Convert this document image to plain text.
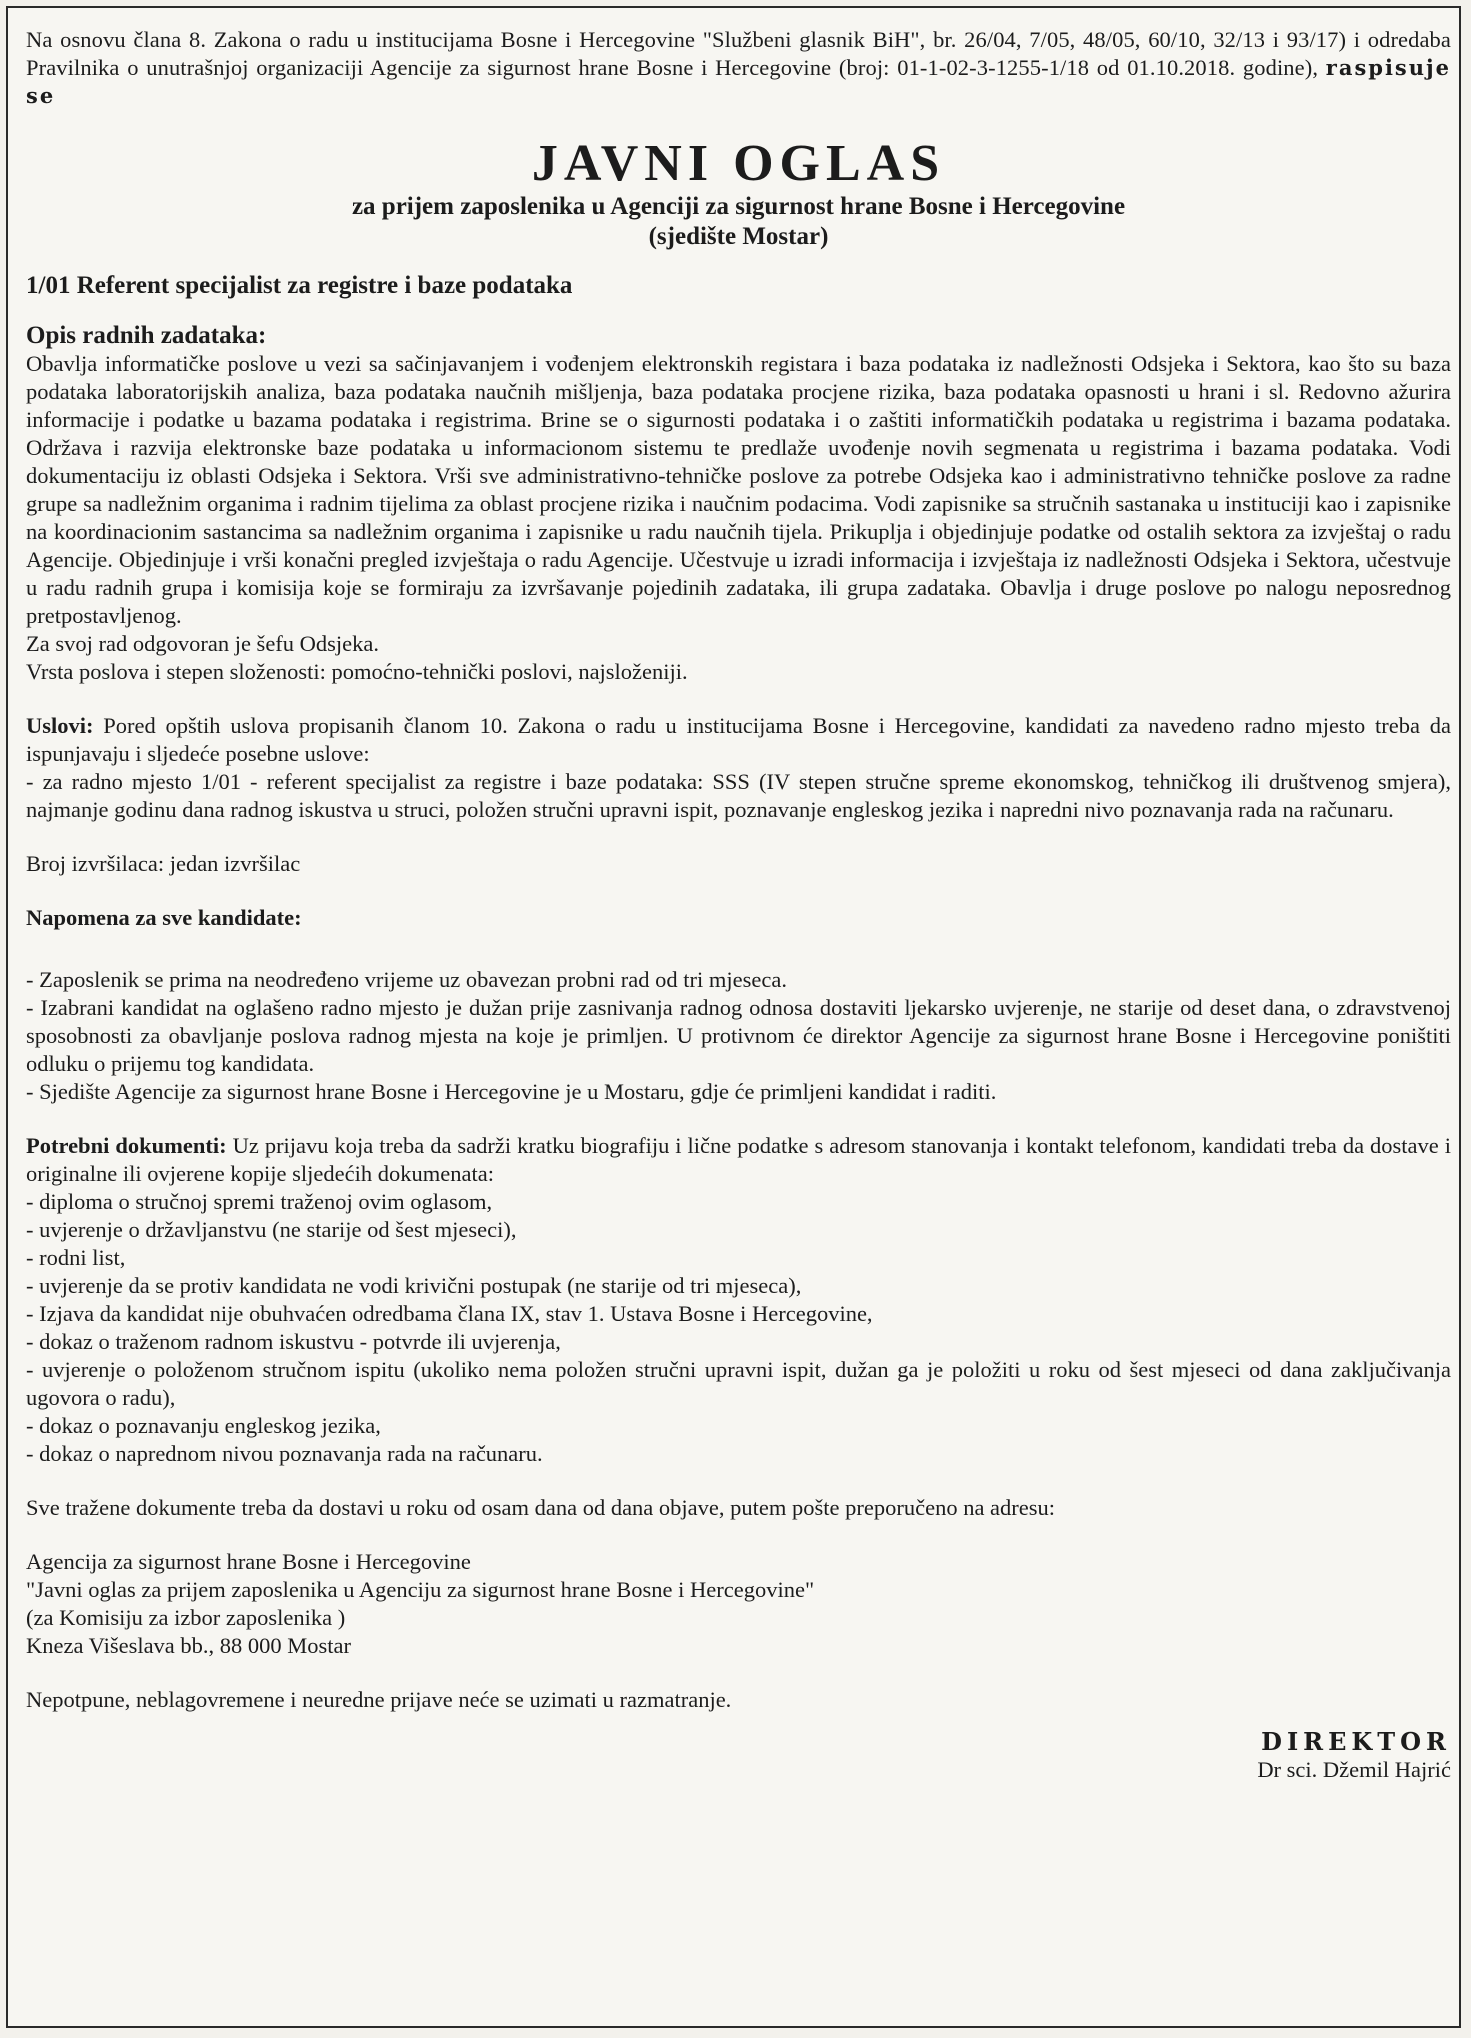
Na osnovu člana 8. Zakona o radu u institucijama Bosne i Hercegovine "Službeni glasnik BiH", br. 26/04, 7/05, 48/05, 60/10, 32/13 i 93/17) i odredaba Pravilnika o unutrašnjoj organizaciji Agencije za sigurnost hrane Bosne i Hercegovine (broj: 01-1-02-3-1255-1/18 od 01.10.2018. godine), raspisuje se

JAVNI OGLAS
za prijem zaposlenika u Agenciji za sigurnost hrane Bosne i Hercegovine
(sjedište Mostar)
1/01 Referent specijalist za registre i baze podataka
Opis radnih zadataka:

Obavlja informatičke poslove u vezi sa sačinjavanjem i vođenjem elektronskih registara i baza podataka iz nadležnosti Odsjeka i Sektora, kao što su baza podataka laboratorijskih analiza, baza podataka naučnih mišljenja, baza podataka procjene rizika, baza podataka opasnosti u hrani i sl. Redovno ažurira informacije i podatke u bazama podataka i registrima. Brine se o sigurnosti podataka i o zaštiti informatičkih podataka u registrima i bazama podataka. Održava i razvija elektronske baze podataka u informacionom sistemu te predlaže uvođenje novih segmenata u registrima i bazama podataka. Vodi dokumentaciju iz oblasti Odsjeka i Sektora. Vrši sve administrativno-tehničke poslove za potrebe Odsjeka kao i administrativno tehničke poslove za radne grupe sa nadležnim organima i radnim tijelima za oblast procjene rizika i naučnim podacima. Vodi zapisnike sa stručnih sastanaka u instituciji kao i zapisnike na koordinacionim sastancima sa nadležnim organima i zapisnike u radu naučnih tijela. Prikuplja i objedinjuje podatke od ostalih sektora za izvještaj o radu Agencije. Objedinjuje i vrši konačni pregled izvještaja o radu Agencije. Učestvuje u izradi informacija i izvještaja iz nadležnosti Odsjeka i Sektora, učestvuje u radu radnih grupa i komisija koje se formiraju za izvršavanje pojedinih zadataka, ili grupa zadataka. Obavlja i druge poslove po nalogu neposrednog pretpostavljenog.

Za svoj rad odgovoran je šefu Odsjeka.

Vrsta poslova i stepen složenosti: pomoćno-tehnički poslovi, najsloženiji.

Uslovi: Pored opštih uslova propisanih članom 10. Zakona o radu u institucijama Bosne i Hercegovine, kandidati za navedeno radno mjesto treba da ispunjavaju i sljedeće posebne uslove:

- za radno mjesto 1/01 - referent specijalist za registre i baze podataka: SSS (IV stepen stručne spreme ekonomskog, tehničkog ili društvenog smjera), najmanje godinu dana radnog iskustva u struci, položen stručni upravni ispit, poznavanje engleskog jezika i napredni nivo poznavanja rada na računaru.

Broj izvršilaca: jedan izvršilac

Napomena za sve kandidate:

- Zaposlenik se prima na neodređeno vrijeme uz obavezan probni rad od tri mjeseca.
- Izabrani kandidat na oglašeno radno mjesto je dužan prije zasnivanja radnog odnosa dostaviti ljekarsko uvjerenje, ne starije od deset dana, o zdravstvenoj sposobnosti za obavljanje poslova radnog mjesta na koje je primljen. U protivnom će direktor Agencije za sigurnost hrane Bosne i Hercegovine poništiti odluku o prijemu tog kandidata.
- Sjedište Agencije za sigurnost hrane Bosne i Hercegovine je u Mostaru, gdje će primljeni kandidat i raditi.

Potrebni dokumenti: Uz prijavu koja treba da sadrži kratku biografiju i lične podatke s adresom stanovanja i kontakt telefonom, kandidati treba da dostave i originalne ili ovjerene kopije sljedećih dokumenata:

- diploma o stručnoj spremi traženoj ovim oglasom,
- uvjerenje o državljanstvu (ne starije od šest mjeseci),
- rodni list,
- uvjerenje da se protiv kandidata ne vodi krivični postupak (ne starije od tri mjeseca),
- Izjava da kandidat nije obuhvaćen odredbama člana IX, stav 1. Ustava Bosne i Hercegovine,
- dokaz o traženom radnom iskustvu - potvrde ili uvjerenja,
- uvjerenje o položenom stručnom ispitu (ukoliko nema položen stručni upravni ispit, dužan ga je položiti u roku od šest mjeseci od dana zaključivanja ugovora o radu),
- dokaz o poznavanju engleskog jezika,
- dokaz o naprednom nivou poznavanja rada na računaru.

Sve tražene dokumente treba da dostavi u roku od osam dana od dana objave, putem pošte preporučeno na adresu:

Agencija za sigurnost hrane Bosne i Hercegovine

"Javni oglas za prijem zaposlenika u Agenciju za sigurnost hrane Bosne i Hercegovine"

(za Komisiju za izbor zaposlenika )

Kneza Višeslava bb., 88 000 Mostar

Nepotpune, neblagovremene i neuredne prijave neće se uzimati u razmatranje.

DIREKTOR
Dr sci. Džemil Hajrić
